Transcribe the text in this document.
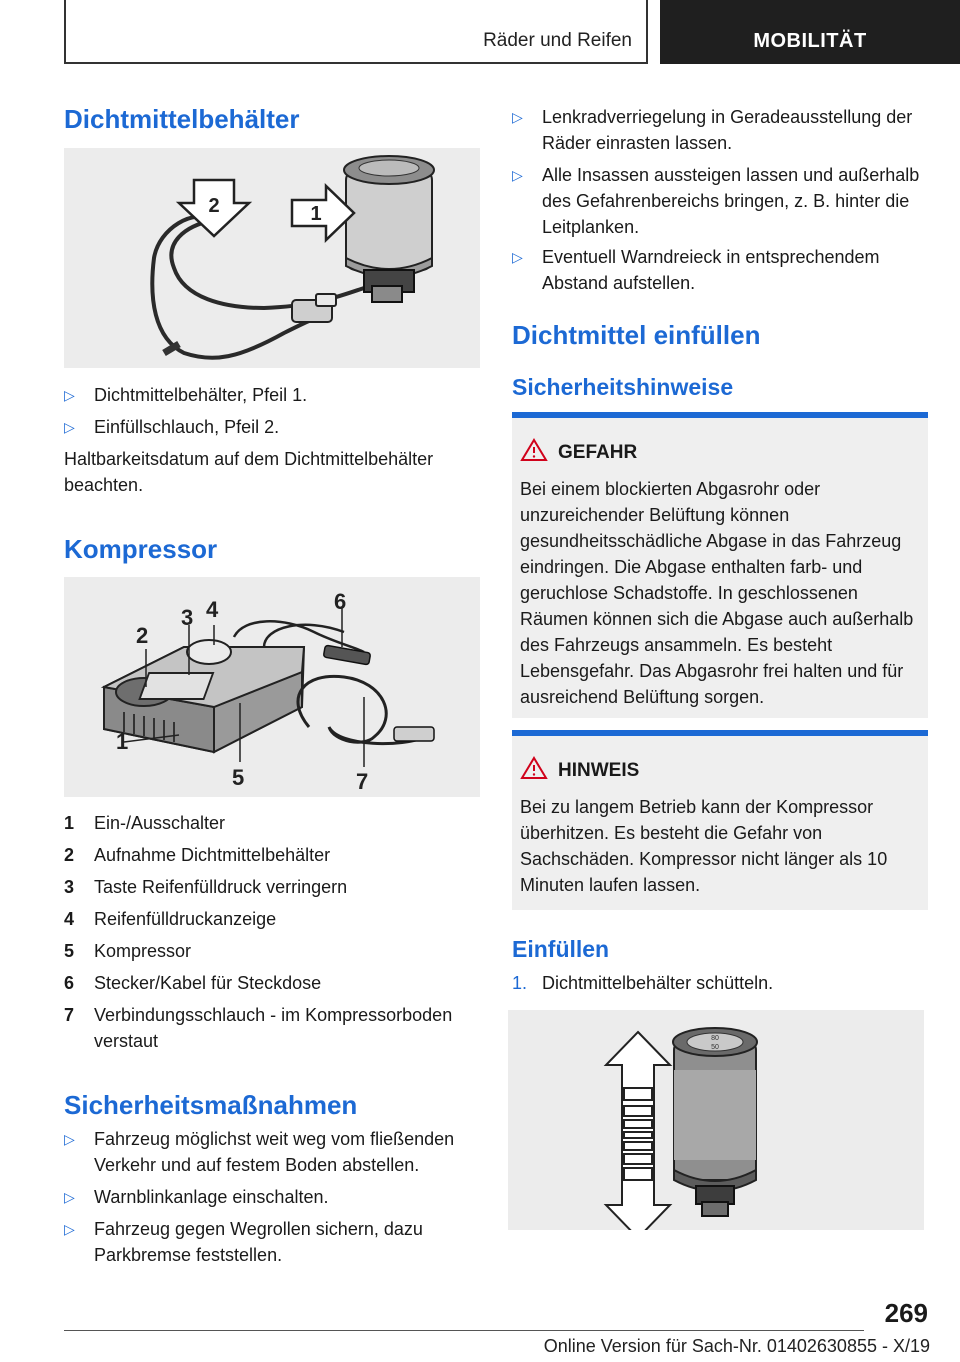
Räder und Reifen	MOBILITÄT
Dichtmittelbehälter
2	1
▷ Dichtmittelbehälter, Pfeil 1.
▷ Einfüllschlauch, Pfeil 2.
Haltbarkeitsdatum auf dem Dichtmittelbehälter beachten.
Kompressor
1
2
3 4
5
6
7
1 Ein-/Ausschalter
2 Aufnahme Dichtmittelbehälter
3 Taste Reifenfülldruck verringern
4 Reifenfülldruckanzeige
5 Kompressor
6 Stecker/Kabel für Steckdose
7 Verbindungsschlauch - im Kompressorboden verstaut
Sicherheitsmaßnahmen
▷ Fahrzeug möglichst weit weg vom fließenden Verkehr und auf festem Boden abstellen.
▷ Warnblinkanlage einschalten.
▷ Fahrzeug gegen Wegrollen sichern, dazu Parkbremse feststellen.
▷ Lenkradverriegelung in Geradeausstellung der Räder einrasten lassen.
▷ Alle Insassen aussteigen lassen und außerhalb des Gefahrenbereichs bringen, z. B. hinter die Leitplanken.
▷ Eventuell Warndreieck in entsprechendem Abstand aufstellen.
Dichtmittel einfüllen
Sicherheitshinweise
GEFAHR
Bei einem blockierten Abgasrohr oder unzureichender Belüftung können gesundheitsschädliche Abgase in das Fahrzeug eindringen. Die Abgase enthalten farb- und geruchlose Schadstoffe. In geschlossenen Räumen können sich die Abgase auch außerhalb des Fahrzeugs ansammeln. Es besteht Lebensgefahr. Das Abgasrohr frei halten und für ausreichend Belüftung sorgen.
HINWEIS
Bei zu langem Betrieb kann der Kompressor überhitzen. Es besteht die Gefahr von Sachschäden. Kompressor nicht länger als 10 Minuten laufen lassen.
Einfüllen
1. Dichtmittelbehälter schütteln.
80
50
269
Online Version für Sach-Nr. 01402630855 - X/19
